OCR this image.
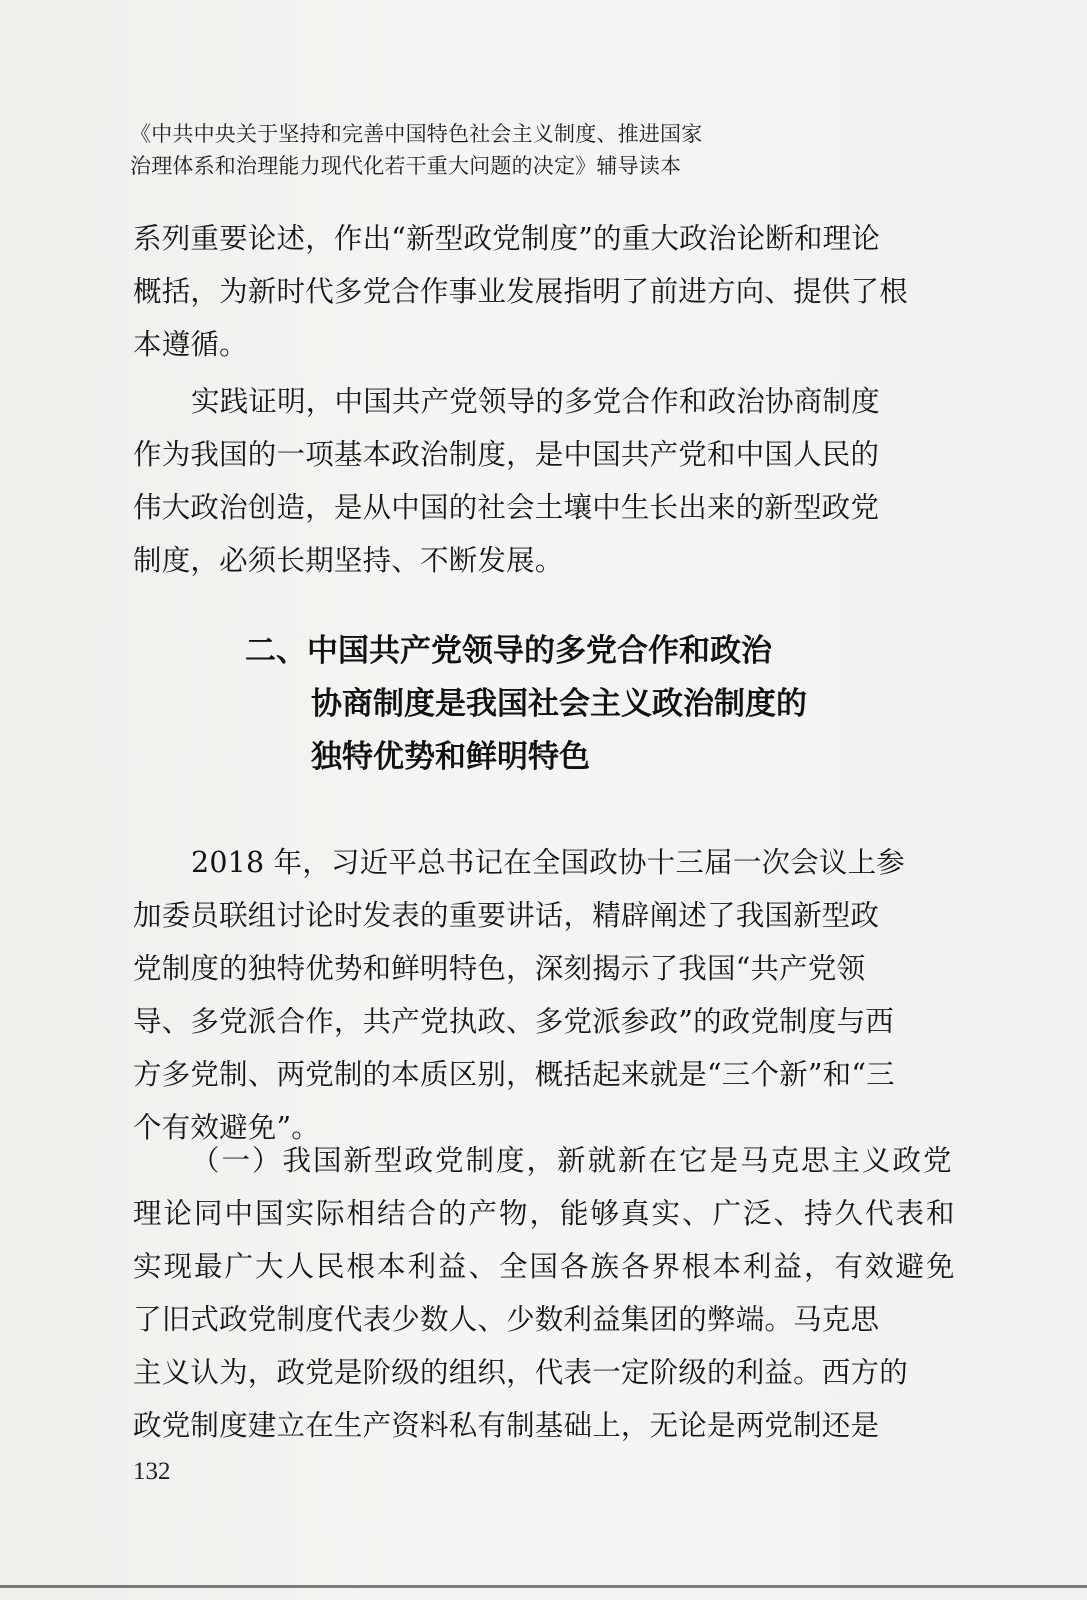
《中共中央关于坚持和完善中国特色社会主义制度、推进国家
治理体系和治理能力现代化若干重大问题的决定》辅导读本
系列重要论述，作出“新型政党制度”的重大政治论断和理论
概括，为新时代多党合作事业发展指明了前进方向、提供了根
本遵循。
实践证明，中国共产党领导的多党合作和政治协商制度
作为我国的一项基本政治制度，是中国共产党和中国人民的
伟大政治创造，是从中国的社会土壤中生长出来的新型政党
制度，必须长期坚持、不断发展。
二、中国共产党领导的多党合作和政治
协商制度是我国社会主义政治制度的
独特优势和鲜明特色
2018 年，习近平总书记在全国政协十三届一次会议上参
加委员联组讨论时发表的重要讲话，精辟阐述了我国新型政
党制度的独特优势和鲜明特色，深刻揭示了我国“共产党领
导、多党派合作，共产党执政、多党派参政”的政党制度与西
方多党制、两党制的本质区别，概括起来就是“三个新”和“三
个有效避免”。
（一）我国新型政党制度，新就新在它是马克思主义政党
理论同中国实际相结合的产物，能够真实、广泛、持久代表和
实现最广大人民根本利益、全国各族各界根本利益，有效避免
了旧式政党制度代表少数人、少数利益集团的弊端。马克思
主义认为，政党是阶级的组织，代表一定阶级的利益。西方的
政党制度建立在生产资料私有制基础上，无论是两党制还是
132
